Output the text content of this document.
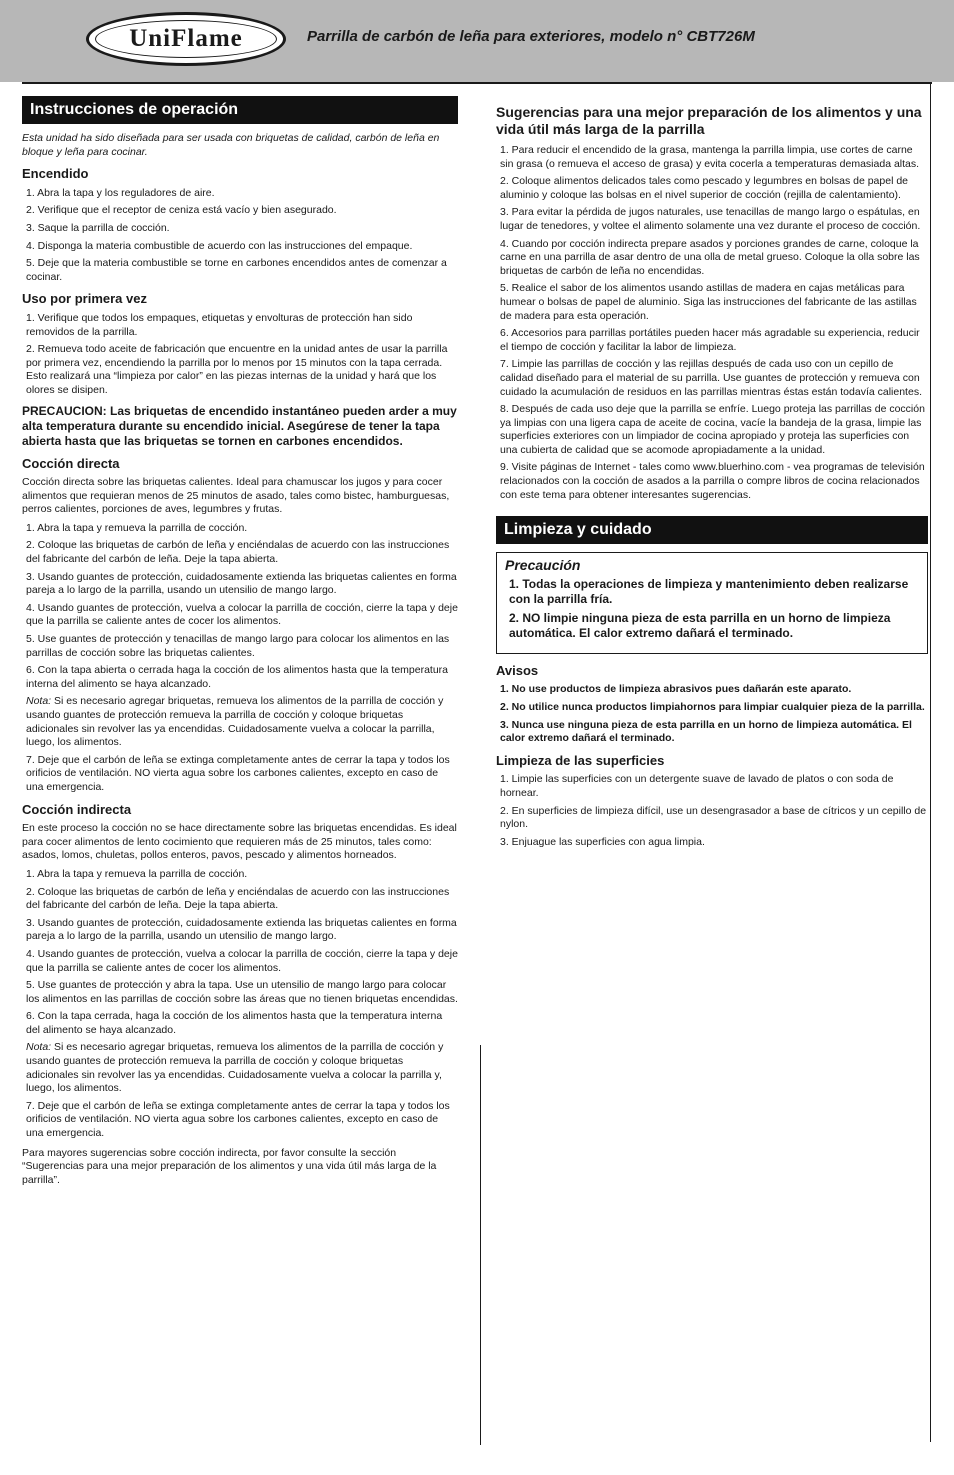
UniFlame	Parrilla de carbón de leña para exteriores, modelo n° CBT726M
Instrucciones de operación

Esta unidad ha sido diseñada para ser usada con briquetas de calidad, carbón de leña en bloque y leña para cocinar.

Encendido
1. Abra la tapa y los reguladores de aire.
2. Verifique que el receptor de ceniza está vacío y bien asegurado.
3. Saque la parrilla de cocción.
4. Disponga la materia combustible de acuerdo con las instrucciones del empaque.
5. Deje que la materia combustible se torne en carbones encendidos antes de comenzar a cocinar.
Uso por primera vez
1. Verifique que todos los empaques, etiquetas y envolturas de protección han sido removidos de la parrilla.
2. Remueva todo aceite de fabricación que encuentre en la unidad antes de usar la parrilla por primera vez, encendiendo la parrilla por lo menos por 15 minutos con la tapa cerrada. Esto realizará una “limpieza por calor” en las piezas internas de la unidad y hará que los olores se disipen.

PRECAUCION: Las briquetas de encendido instantáneo pueden arder a muy alta temperatura durante su encendido inicial. Asegúrese de tener la tapa abierta hasta que las briquetas se tornen en carbones encendidos.

Cocción directa

Cocción directa sobre las briquetas calientes. Ideal para chamuscar los jugos y para cocer alimentos que requieran menos de 25 minutos de asado, tales como bistec, hamburguesas, perros calientes, porciones de aves, legumbres y frutas.

1. Abra la tapa y remueva la parrilla de cocción.
2. Coloque las briquetas de carbón de leña y enciéndalas de acuerdo con las instrucciones del fabricante del carbón de leña. Deje la tapa abierta.
3. Usando guantes de protección, cuidadosamente extienda las briquetas calientes en forma pareja a lo largo de la parrilla, usando un utensilio de mango largo.
4. Usando guantes de protección, vuelva a colocar la parrilla de cocción, cierre la tapa y deje que la parrilla se caliente antes de cocer los alimentos.
5. Use guantes de protección y tenacillas de mango largo para colocar los alimentos en las parrillas de cocción sobre las briquetas calientes.
6. Con la tapa abierta o cerrada haga la cocción de los alimentos hasta que la temperatura interna del alimento se haya alcanzado.
Nota: Si es necesario agregar briquetas, remueva los alimentos de la parrilla de cocción y usando guantes de protección remueva la parrilla de cocción y coloque briquetas adicionales sin revolver las ya encendidas. Cuidadosamente vuelva a colocar la parrilla, luego, los alimentos.
7. Deje que el carbón de leña se extinga completamente antes de cerrar la tapa y todos los orificios de ventilación. NO vierta agua sobre los carbones calientes, excepto en caso de una emergencia.
Cocción indirecta

En este proceso la cocción no se hace directamente sobre las briquetas encendidas. Es ideal para cocer alimentos de lento cocimiento que requieren más de 25 minutos, tales como: asados, lomos, chuletas, pollos enteros, pavos, pescado y alimentos horneados.

1. Abra la tapa y remueva la parrilla de cocción.
2. Coloque las briquetas de carbón de leña y enciéndalas de acuerdo con las instrucciones del fabricante del carbón de leña. Deje la tapa abierta.
3. Usando guantes de protección, cuidadosamente extienda las briquetas calientes en forma pareja a lo largo de la parrilla, usando un utensilio de mango largo.
4. Usando guantes de protección, vuelva a colocar la parrilla de cocción, cierre la tapa y deje que la parrilla se caliente antes de cocer los alimentos.
5. Use guantes de protección y abra la tapa. Use un utensilio de mango largo para colocar los alimentos en las parrillas de cocción sobre las áreas que no tienen briquetas encendidas.
6. Con la tapa cerrada, haga la cocción de los alimentos hasta que la temperatura interna del alimento se haya alcanzado.
Nota: Si es necesario agregar briquetas, remueva los alimentos de la parrilla de cocción y usando guantes de protección remueva la parrilla de cocción y coloque briquetas adicionales sin revolver las ya encendidas. Cuidadosamente vuelva a colocar la parrilla y, luego, los alimentos.
7. Deje que el carbón de leña se extinga completamente antes de cerrar la tapa y todos los orificios de ventilación. NO vierta agua sobre los carbones calientes, excepto en caso de una emergencia.

Para mayores sugerencias sobre cocción indirecta, por favor consulte la sección “Sugerencias para una mejor preparación de los alimentos y una vida útil más larga de la parrilla”.

Sugerencias para una mejor preparación de los alimentos y una vida útil más larga de la parrilla
1. Para reducir el encendido de la grasa, mantenga la parrilla limpia, use cortes de carne sin grasa (o remueva el acceso de grasa) y evita cocerla a temperaturas demasiada altas.
2. Coloque alimentos delicados tales como pescado y legumbres en bolsas de papel de aluminio y coloque las bolsas en el nivel superior de cocción (rejilla de calentamiento).
3. Para evitar la pérdida de jugos naturales, use tenacillas de mango largo o espátulas, en lugar de tenedores, y voltee el alimento solamente una vez durante el proceso de cocción.
4. Cuando por cocción indirecta prepare asados y porciones grandes de carne, coloque la carne en una parrilla de asar dentro de una olla de metal grueso. Coloque la olla sobre las briquetas de carbón de leña no encendidas.
5. Realice el sabor de los alimentos usando astillas de madera en cajas metálicas para humear o bolsas de papel de aluminio. Siga las instrucciones del fabricante de las astillas de madera para esta operación.
6. Accesorios para parrillas portátiles pueden hacer más agradable su experiencia, reducir el tiempo de cocción y facilitar la labor de limpieza.
7. Limpie las parrillas de cocción y las rejillas después de cada uso con un cepillo de calidad diseñado para el material de su parrilla. Use guantes de protección y remueva con cuidado la acumulación de residuos en las parrillas mientras éstas están todavía calientes.
8. Después de cada uso deje que la parrilla se enfríe. Luego proteja las parrillas de cocción ya limpias con una ligera capa de aceite de cocina, vacíe la bandeja de la grasa, limpie las superficies exteriores con un limpiador de cocina apropiado y proteja las superficies con una cubierta de calidad que se acomode apropiadamente a la unidad.
9. Visite páginas de Internet - tales como www.bluerhino.com - vea programas de televisión relacionados con la cocción de asados a la parrilla o compre libros de cocina relacionados con este tema para obtener interesantes sugerencias.
Limpieza y cuidado
Precaución
1. Todas la operaciones de limpieza y mantenimiento deben realizarse con la parrilla fría.
2. NO limpie ninguna pieza de esta parrilla en un horno de limpieza automática. El calor extremo dañará el terminado.
Avisos
1. No use productos de limpieza abrasivos pues dañarán este aparato.
2. No utilice nunca productos limpiahornos para limpiar cualquier pieza de la parrilla.
3. Nunca use ninguna pieza de esta parrilla en un horno de limpieza automática. El calor extremo dañará el terminado.
Limpieza de las superficies
1. Limpie las superficies con un detergente suave de lavado de platos o con soda de hornear.
2. En superficies de limpieza difícil, use un desengrasador a base de cítricos y un cepillo de nylon.
3. Enjuague las superficies con agua limpia.
